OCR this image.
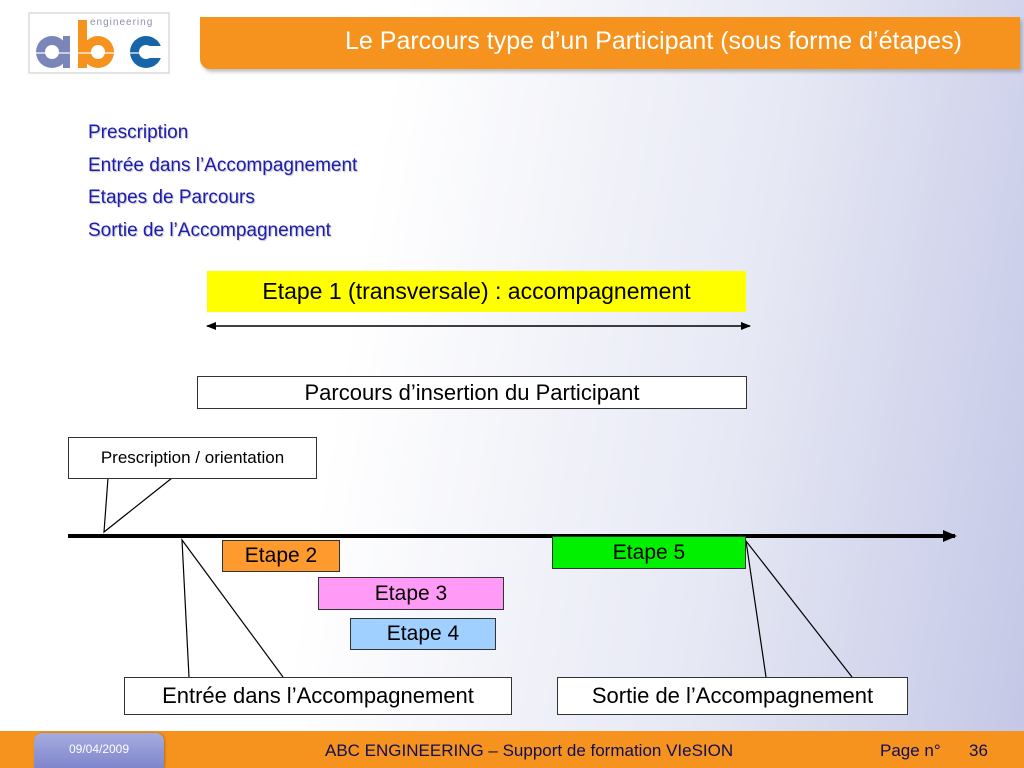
engineering
Le Parcours type d’un Participant (sous forme d’étapes)
Prescription
Entrée dans l’Accompagnement
Etapes de Parcours
Sortie de l’Accompagnement
Etape 1 (transversale) : accompagnement
Parcours d’insertion du Participant
Prescription / orientation
Etape 2
Etape 3
Etape 4
Etape 5
Entrée dans l’Accompagnement	Sortie de l’Accompagnement
09/04/2009	ABC ENGINEERING – Support de formation VIeSION	Page n° 36
